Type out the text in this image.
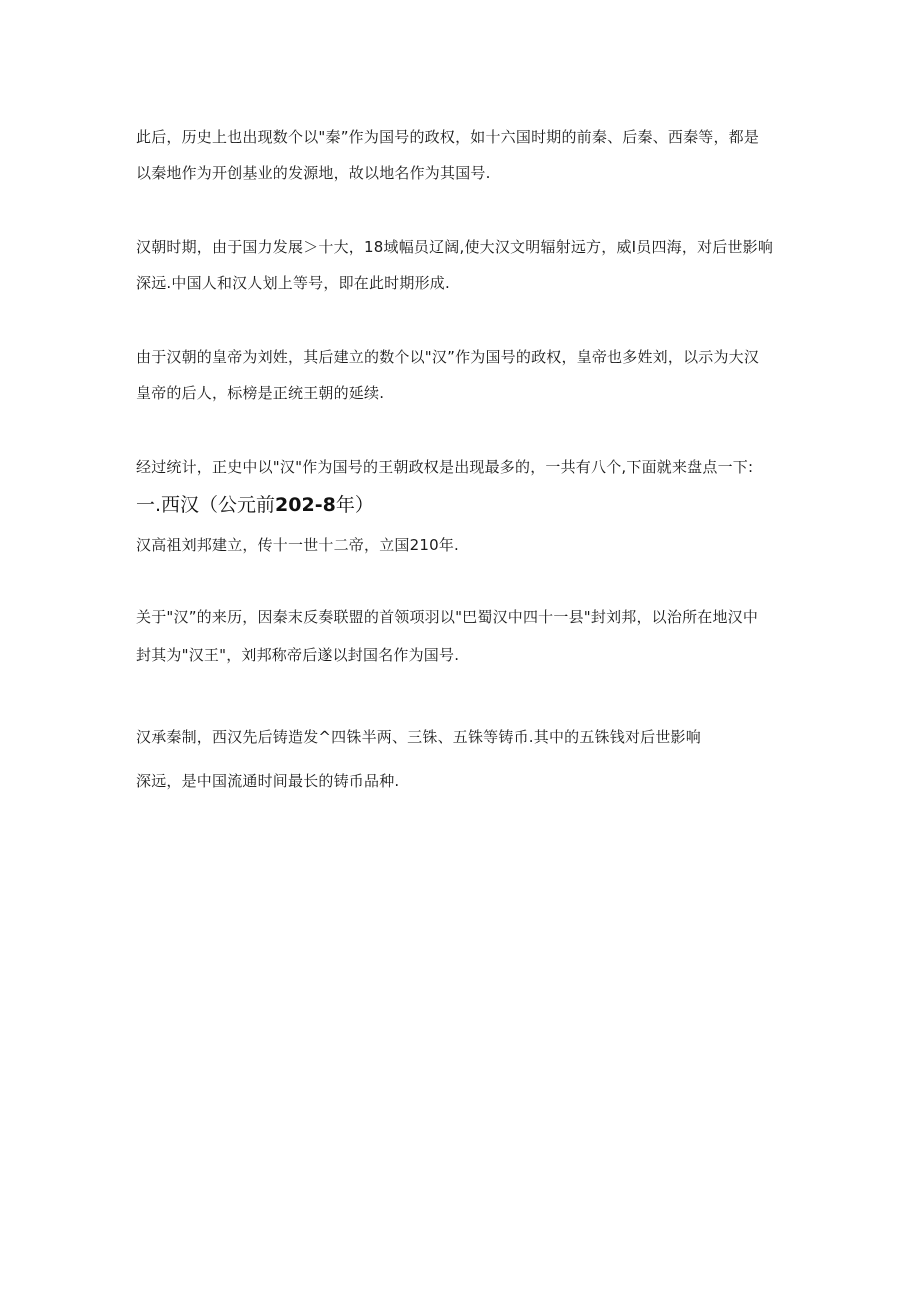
此后，历史上也出现数个以"秦”作为国号的政权，如十六国时期的前秦、后秦、西秦等，都是
以秦地作为开创基业的发源地，故以地名作为其国号.
汉朝时期，由于国力发展＞十大，18域幅员辽阔,使大汉文明辐射远方，威I员四海，对后世影响
深远.中国人和汉人划上等号，即在此时期形成.
由于汉朝的皇帝为刘姓，其后建立的数个以"汉”作为国号的政权，皇帝也多姓刘，以示为大汉
皇帝的后人，标榜是正统王朝的延续.
经过统计，正史中以"汉"作为国号的王朝政权是出现最多的，一共有八个,下面就来盘点一下:
一.西汉（公元前202-8年）
汉高祖刘邦建立，传十一世十二帝，立国210年.
关于"汉”的来历，因秦末反奏联盟的首领项羽以"巴蜀汉中四十一县"封刘邦，以治所在地汉中
封其为"汉王"，刘邦称帝后遂以封国名作为国号.
汉承秦制，西汉先后铸造发^四铢半两、三铢、五铢等铸币.其中的五铢钱对后世影响
深远，是中国流通时间最长的铸币品种.
